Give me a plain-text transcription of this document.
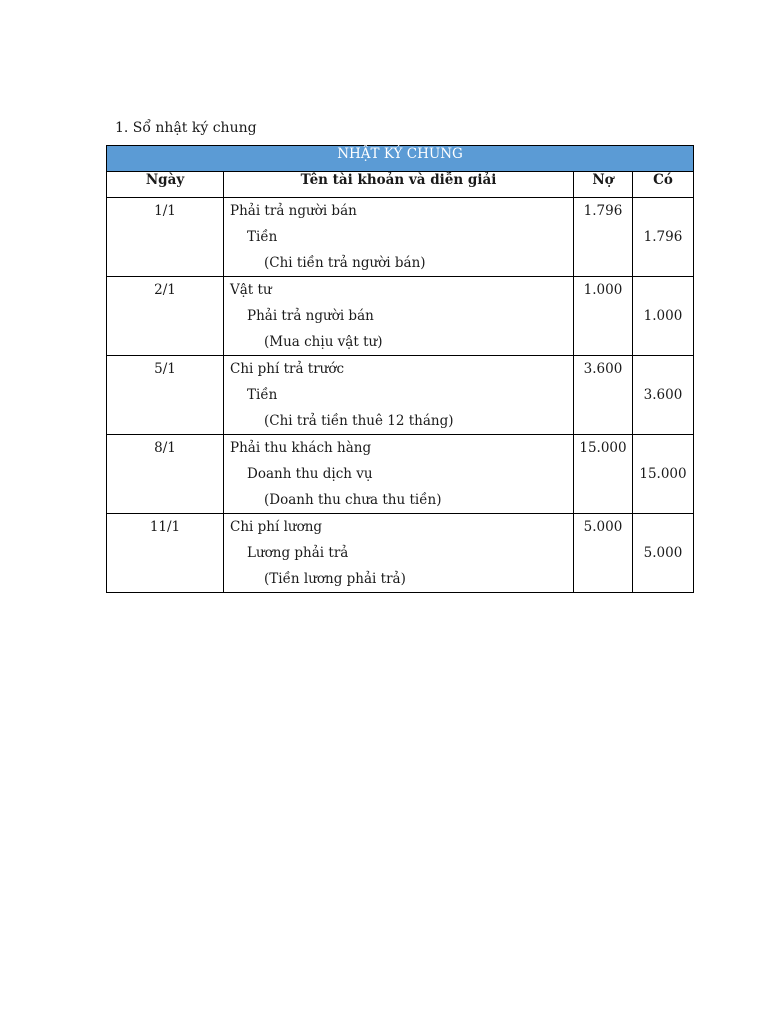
1. Sổ nhật ký chung
NHẬT KÝ CHUNG			
Ngày	Tên tài khoản và diễn giải	Nợ	Có

1/1	Phải trả người bán
Tiền
(Chi tiền trả người bán)	1.796	1.796

2/1	Vật tư
Phải trả người bán
(Mua chịu vật tư)	1.000	1.000

5/1	Chi phí trả trước
Tiền
(Chi trả tiền thuê 12 tháng)	3.600	3.600

8/1	Phải thu khách hàng
Doanh thu dịch vụ
(Doanh thu chưa thu tiền)	15.000	15.000

11/1	Chi phí lương
Lương phải trả
(Tiền lương phải trả)	5.000	5.000
